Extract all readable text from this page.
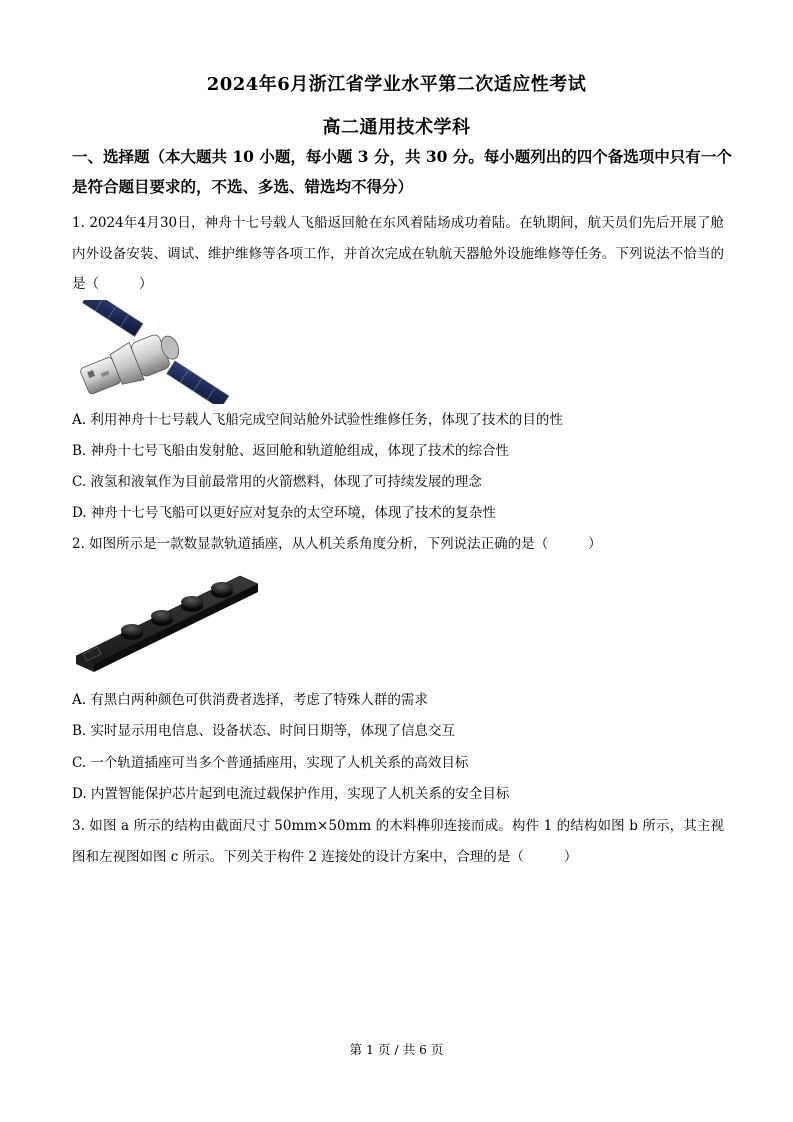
2024年6月浙江省学业水平第二次适应性考试
高二通用技术学科
一、选择题（本大题共 10 小题，每小题 3 分，共 30 分。每小题列出的四个备选项中只有一个是符合题目要求的，不选、多选、错选均不得分）
1. 2024年4月30日，神舟十七号载人飞船返回舱在东风着陆场成功着陆。在轨期间，航天员们先后开展了舱内外设备安装、调试、维护维修等各项工作，并首次完成在轨航天器舱外设施维修等任务。下列说法不恰当的是（	）
A. 利用神舟十七号载人飞船完成空间站舱外试验性维修任务，体现了技术的目的性
B. 神舟十七号飞船由发射舱、返回舱和轨道舱组成，体现了技术的综合性
C. 液氢和液氧作为目前最常用的火箭燃料，体现了可持续发展的理念
D. 神舟十七号飞船可以更好应对复杂的太空环境，体现了技术的复杂性
2. 如图所示是一款数显款轨道插座，从人机关系角度分析，下列说法正确的是（	）
A. 有黑白两种颜色可供消费者选择，考虑了特殊人群的需求
B. 实时显示用电信息、设备状态、时间日期等，体现了信息交互
C. 一个轨道插座可当多个普通插座用，实现了人机关系的高效目标
D. 内置智能保护芯片起到电流过载保护作用，实现了人机关系的安全目标
3. 如图 a 所示的结构由截面尺寸 50mm×50mm 的木料榫卯连接而成。构件 1 的结构如图 b 所示，其主视图和左视图如图 c 所示。下列关于构件 2 连接处的设计方案中，合理的是（	）
第 1 页 / 共 6 页
